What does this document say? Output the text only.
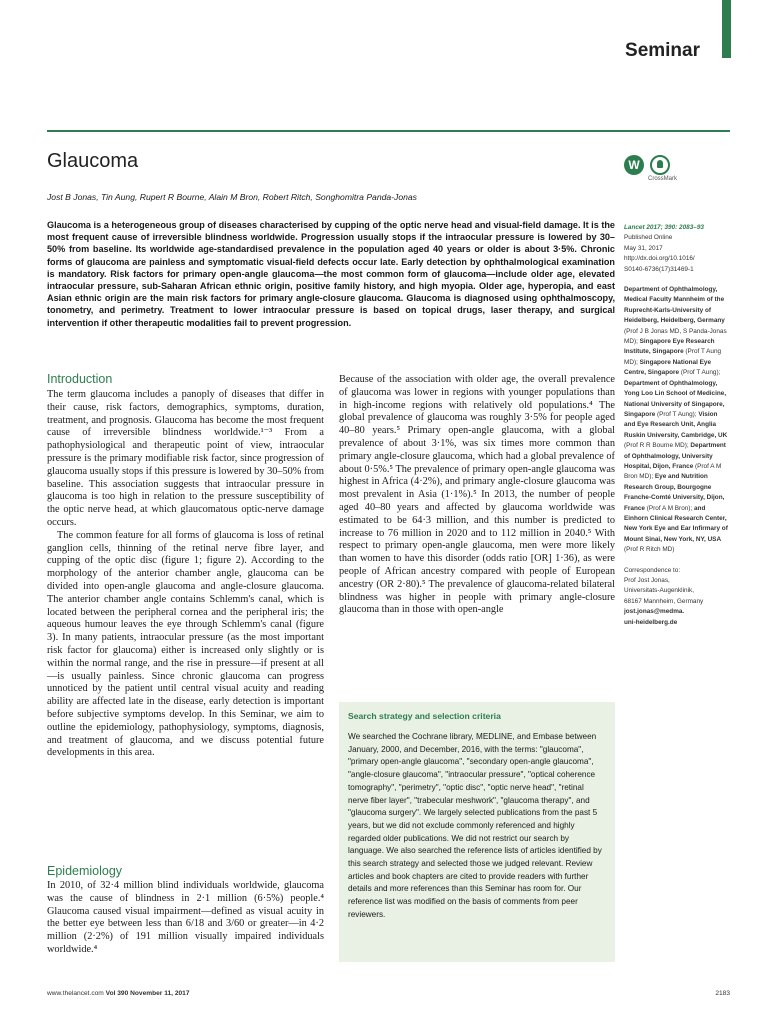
Seminar
Glaucoma	W
CrossMark

Jost B Jonas, Tin Aung, Rupert R Bourne, Alain M Bron, Robert Ritch, Songhomitra Panda-Jonas

Glaucoma is a heterogeneous group of diseases characterised by cupping of the optic nerve head and visual-field damage. It is the most frequent cause of irreversible blindness worldwide. Progression usually stops if the intraocular pressure is lowered by 30–50% from baseline. Its worldwide age-standardised prevalence in the population aged 40 years or older is about 3·5%. Chronic forms of glaucoma are painless and symptomatic visual-field defects occur late. Early detection by ophthalmological examination is mandatory. Risk factors for primary open-angle glaucoma—the most common form of glaucoma—include older age, elevated intraocular pressure, sub-Saharan African ethnic origin, positive family history, and high myopia. Older age, hyperopia, and east Asian ethnic origin are the main risk factors for primary angle-closure glaucoma. Glaucoma is diagnosed using ophthalmoscopy, tonometry, and perimetry. Treatment to lower intraocular pressure is based on topical drugs, laser therapy, and surgical intervention if other therapeutic modalities fail to prevent progression.

Introduction

The term glaucoma includes a panoply of diseases that differ in their cause, risk factors, demographics, symptoms, duration, treatment, and prognosis. Glaucoma has become the most frequent cause of irreversible blindness worldwide.¹⁻³ From a pathophysiological and therapeutic point of view, intraocular pressure is the primary modifiable risk factor, since progression of glaucoma usually stops if this pressure is lowered by 30–50% from baseline. This association suggests that intraocular pressure in glaucoma is too high in relation to the pressure susceptibility of the optic nerve head, at which glaucomatous optic-nerve damage occurs.

The common feature for all forms of glaucoma is loss of retinal ganglion cells, thinning of the retinal nerve fibre layer, and cupping of the optic disc (figure 1; figure 2). According to the morphology of the anterior chamber angle, glaucoma can be divided into open-angle glaucoma and angle-closure glaucoma. The anterior chamber angle contains Schlemm's canal, which is located between the peripheral cornea and the peripheral iris; the aqueous humour leaves the eye through Schlemm's canal (figure 3). In many patients, intraocular pressure (as the most important risk factor for glaucoma) either is increased only slightly or is within the normal range, and the rise in pressure—if present at all—is usually painless. Since chronic glaucoma can progress unnoticed by the patient until central visual acuity and reading ability are affected late in the disease, early detection is important before subjective symptoms develop. In this Seminar, we aim to outline the epidemiology, pathophysiology, symptoms, diagnosis, and treatment of glaucoma, and we discuss potential future developments in this area.

Epidemiology

In 2010, of 32·4 million blind individuals worldwide, glaucoma was the cause of blindness in 2·1 million (6·5%) people.⁴ Glaucoma caused visual impairment—defined as visual acuity in the better eye between less than 6/18 and 3/60 or greater—in 4·2 million (2·2%) of 191 million visually impaired individuals worldwide.⁴

Because of the association with older age, the overall prevalence of glaucoma was lower in regions with younger populations than in high-income regions with relatively old populations.⁴ The global prevalence of glaucoma was roughly 3·5% for people aged 40–80 years.⁵ Primary open-angle glaucoma, with a global prevalence of about 3·1%, was six times more common than primary angle-closure glaucoma, which had a global prevalence of about 0·5%.⁵ The prevalence of primary open-angle glaucoma was highest in Africa (4·2%), and primary angle-closure glaucoma was most prevalent in Asia (1·1%).⁵ In 2013, the number of people aged 40–80 years and affected by glaucoma worldwide was estimated to be 64·3 million, and this number is predicted to increase to 76 million in 2020 and to 112 million in 2040.⁵ With respect to primary open-angle glaucoma, men were more likely than women to have this disorder (odds ratio [OR] 1·36), as were people of African ancestry compared with people of European ancestry (OR 2·80).⁵ The prevalence of glaucoma-related bilateral blindness was higher in people with primary angle-closure glaucoma than in those with open-angle

Search strategy and selection criteria

We searched the Cochrane library, MEDLINE, and Embase between January, 2000, and December, 2016, with the terms: "glaucoma", "primary open-angle glaucoma", "secondary open-angle glaucoma", "angle-closure glaucoma", "intraocular pressure", "optical coherence tomography", "perimetry", "optic disc", "optic nerve head", "retinal nerve fiber layer", "trabecular meshwork", "glaucoma therapy", and "glaucoma surgery". We largely selected publications from the past 5 years, but we did not exclude commonly referenced and highly regarded older publications. We did not restrict our search by language. We also searched the reference lists of articles identified by this search strategy and selected those we judged relevant. Review articles and book chapters are cited to provide readers with further details and more references than this Seminar has room for. Our reference list was modified on the basis of comments from peer reviewers.

Lancet 2017; 390: 2083–93
Published Online
May 31, 2017
http://dx.doi.org/10.1016/
S0140-6736(17)31469-1
Department of Ophthalmology, Medical Faculty Mannheim of the Ruprecht-Karls-University of Heidelberg, Heidelberg, Germany (Prof J B Jonas MD, S Panda-Jonas MD); Singapore Eye Research Institute, Singapore (Prof T Aung MD); Singapore National Eye Centre, Singapore (Prof T Aung); Department of Ophthalmology, Yong Loo Lin School of Medicine, National University of Singapore, Singapore (Prof T Aung); Vision and Eye Research Unit, Anglia Ruskin University, Cambridge, UK (Prof R R Bourne MD); Department of Ophthalmology, University Hospital, Dijon, France (Prof A M Bron MD); Eye and Nutrition Research Group, Bourgogne Franche-Comté University, Dijon, France (Prof A M Bron); and Einhorn Clinical Research Center, New York Eye and Ear Infirmary of Mount Sinai, New York, NY, USA (Prof R Ritch MD)
Correspondence to:
Prof Jost Jonas,
Universitats-Augenklinik,
68167 Mannheim, Germany
jost.jonas@medma.
uni-heidelberg.de
www.thelancet.com Vol 390 November 11, 2017	2183
